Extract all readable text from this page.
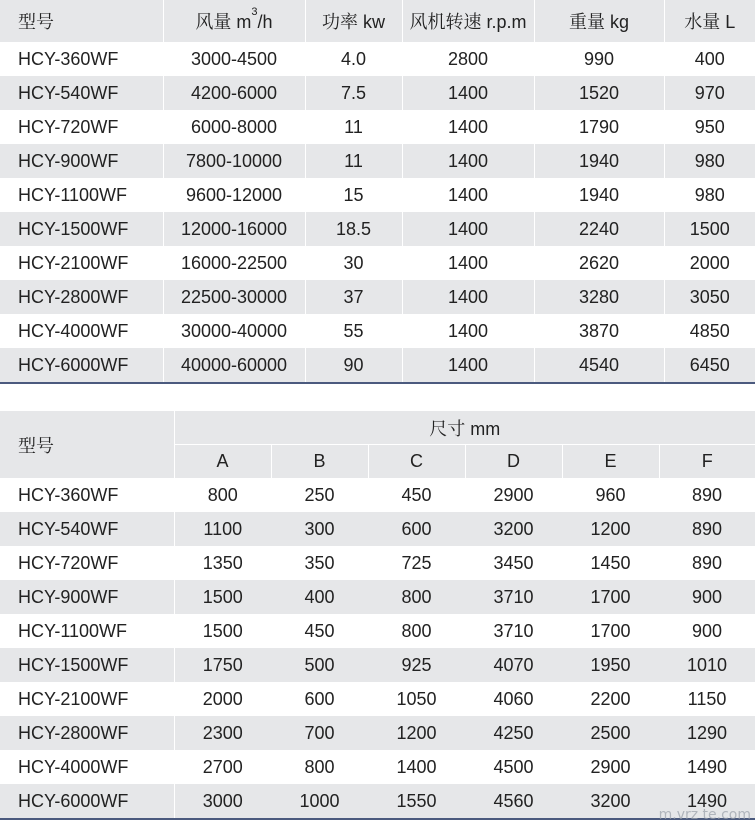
型号	风量 $m^3/h$	功率 kw	风机转速 r.p.m	重量 kg	水量 L
HCY-360WF	3000-4500	4.0	2800	990	400
HCY-540WF	4200-6000	7.5	1400	1520	970
HCY-720WF	6000-8000	11	1400	1790	950
HCY-900WF	7800-10000	11	1400	1940	980
HCY-1100WF	9600-12000	15	1400	1940	980
HCY-1500WF	12000-16000	18.5	1400	2240	1500
HCY-2100WF	16000-22500	30	1400	2620	2000
HCY-2800WF	22500-30000	37	1400	3280	3050
HCY-4000WF	30000-40000	55	1400	3870	4850
HCY-6000WF	40000-60000	90	1400	4540	6450
型号	尺寸 mm					
	A	B	C	D	E	F
HCY-360WF	800	250	450	2900	960	890
HCY-540WF	1100	300	600	3200	1200	890
HCY-720WF	1350	350	725	3450	1450	890
HCY-900WF	1500	400	800	3710	1700	900
HCY-1100WF	1500	450	800	3710	1700	900
HCY-1500WF	1750	500	925	4070	1950	1010
HCY-2100WF	2000	600	1050	4060	2200	1150
HCY-2800WF	2300	700	1200	4250	2500	1290
HCY-4000WF	2700	800	1400	4500	2900	1490
HCY-6000WF	3000	1000	1550	4560	3200	1490
m.vrz te.com
